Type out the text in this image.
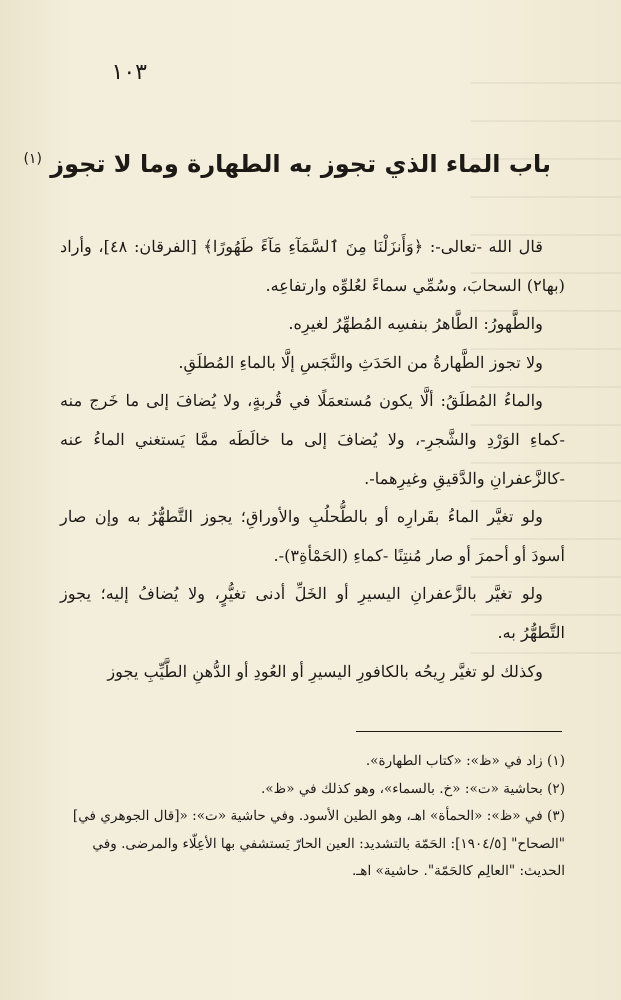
١٠٣
باب الماء الذي تجوز به الطهارة وما لا تجوز $^{(١)}$

قال الله -تعالى-: ﴿وَأَنزَلْنَا مِنَ ٱلسَّمَآءِ مَآءً طَهُورًا﴾ [الفرقان: ٤٨]، وأراد (بها٢) السحابَ، وسُمِّي سماءً لعُلوِّه وارتفاعِه.

والطَّهورُ: الطَّاهرُ بنفسِه المُطهِّرُ لغيرِه.

ولا تجوز الطَّهارةُ من الحَدَثِ والنَّجَسِ إلَّا بالماءِ المُطلَقِ.

والماءُ المُطلَقُ: ألَّا يكون مُستعمَلًا في قُربةٍ، ولا يُضافَ إلى ما خَرج منه -كماءِ الوَرْدِ والشَّجرِ-، ولا يُضافَ إلى ما خالَطَه ممَّا يَستغني الماءُ عنه -كالزَّعفرانِ والدَّقيقِ وغيرِهما-.

ولو تغيَّر الماءُ بقَرارِه أو بالطُّحلُبِ والأوراقِ؛ يجوز التَّطهُّرُ به وإن صار أسودَ أو أحمرَ أو صار مُنتِنًا -كماءِ (الحَمْأةِ٣)-.

ولو تغيَّر بالزَّعفرانِ اليسيرِ أو الخَلِّ أدنى تغيُّرٍ، ولا يُضافُ إليه؛ يجوز التَّطهُّرُ به.

وكذلك لو تغيَّر رِيحُه بالكافورِ اليسيرِ أو العُودِ أو الدُّهنِ الطَّيِّبِ يجوز

(١) زاد في «ظ»: «كتاب الطهارة».

(٢) بحاشية «ت»: «خ. بالسماء»، وهو كذلك في «ظ».

(٣) في «ظ»: «الحمأة» اهـ، وهو الطين الأسود. وفي حاشية «ت»: «[قال الجوهري في] "الصحاح" [١٩٠٤/٥]: الحَمّة بالتشديد: العين الحارّ يَستشفي بها الأعِلّاء والمرضى. وفي الحديث: "العالِم كالحَمّة". حاشية» اهـ.
